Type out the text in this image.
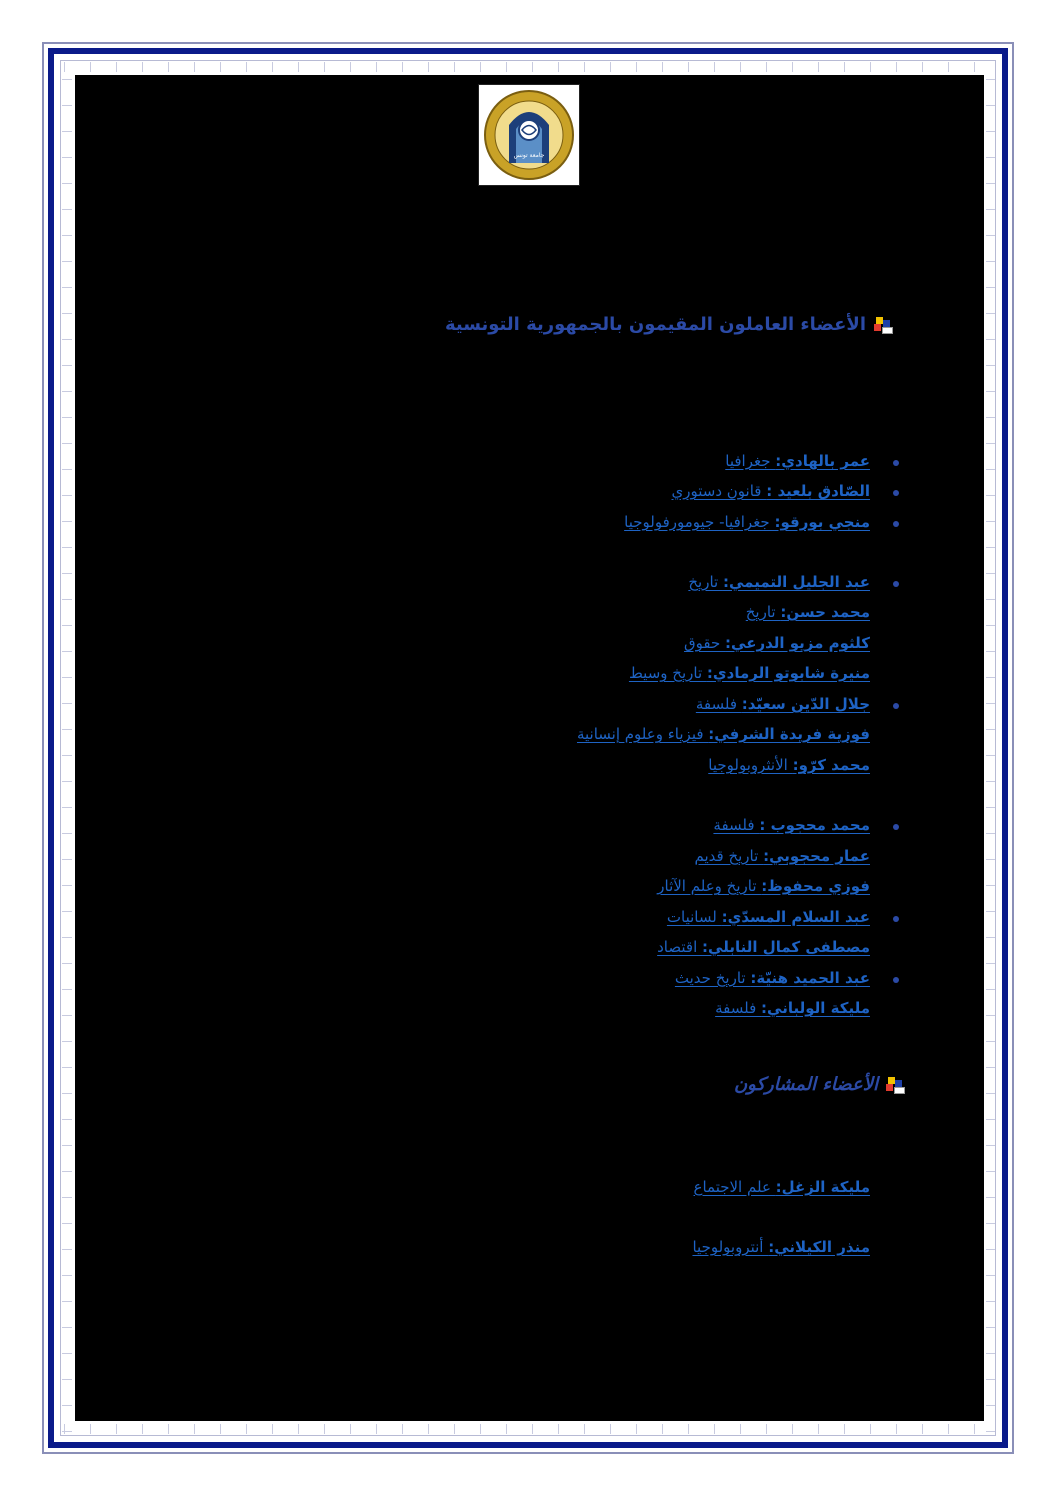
جامعة تونس
الأعضاء العاملون المقيمون بالجمهورية التونسية
عمر بالهادي: جغرافيا
الصّادق بلعيد : قانون دستوري
منجي بورقو: جغرافيا- جيومورفولوجيا
عبد الجليل التميمي: تاريخ
محمد حسن: تاريخ
كلثوم مزيو الدرعي: حقوق
منيرة شابوتو الرمادي: تاريخ وسيط
جلال الدّين سعيّد: فلسفة
فوزية فريدة الشرفي: فيزياء وعلوم إنسانية
محمد كرّو: الأنثروبولوجيا
محمد محجوب : فلسفة
عمار محجوبي: تاريخ قديم
فوزي محفوظ: تاريخ وعلم الآثار
عبد السلام المسدّي: لسانيات
مصطفى كمال النابلي: اقتصاد
عبد الحميد هنيّة: تاريخ حديث
مليكة الولباني: فلسفة
الأعضاء المشاركون
مليكة الزغل: علم الاجتماع
منذر الكيلاني: أنتروبولوجيا
